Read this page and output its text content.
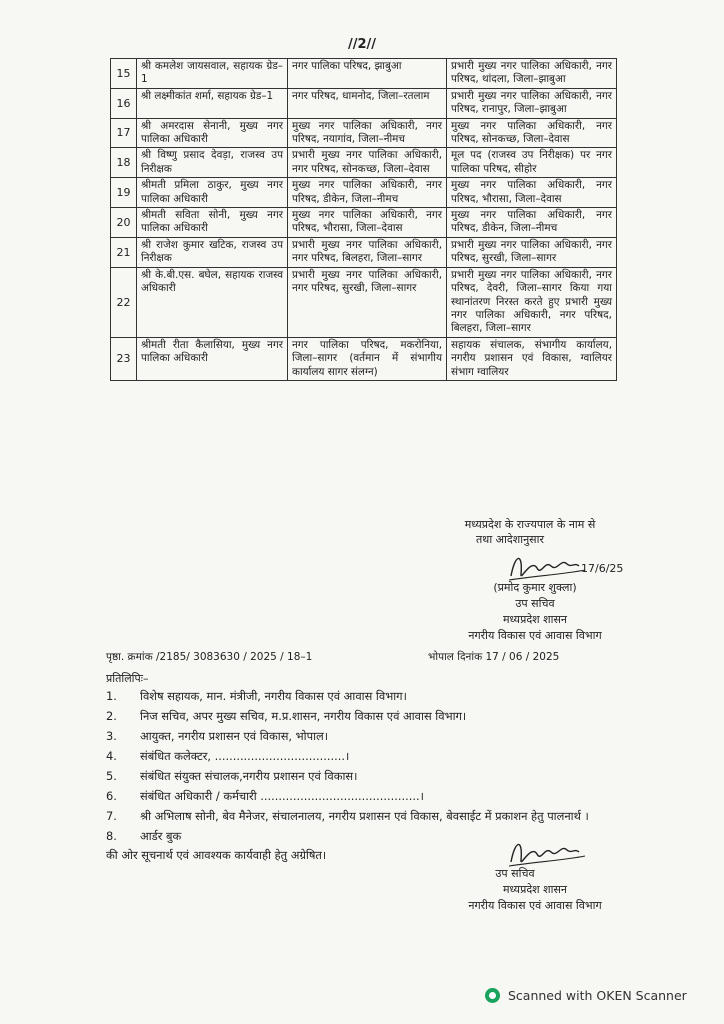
//2//
15	श्री कमलेश जायसवाल, सहायक ग्रेड–1	नगर पालिका परिषद, झाबुआ	प्रभारी मुख्य नगर पालिका अधिकारी, नगर परिषद, थांदला, जिला–झाबुआ
16	श्री लक्ष्मीकांत शर्मा, सहायक ग्रेड–1	नगर परिषद, धामनोद, जिला–रतलाम	प्रभारी मुख्य नगर पालिका अधिकारी, नगर परिषद, रानापुर, जिला–झाबुआ
17	श्री अमरदास सेनानी, मुख्य नगर पालिका अधिकारी	मुख्य नगर पालिका अधिकारी, नगर परिषद, नयागांव, जिला–नीमच	मुख्य नगर पालिका अधिकारी, नगर परिषद, सोनकच्छ, जिला–देवास
18	श्री विष्णु प्रसाद देवड़ा, राजस्व उप निरीक्षक	प्रभारी मुख्य नगर पालिका अधिकारी, नगर परिषद, सोनकच्छ, जिला–देवास	मूल पद (राजस्व उप निरीक्षक) पर नगर पालिका परिषद, सीहोर
19	श्रीमती प्रमिला ठाकुर, मुख्य नगर पालिका अधिकारी	मुख्य नगर पालिका अधिकारी, नगर परिषद, डीकेन, जिला–नीमच	मुख्य नगर पालिका अधिकारी, नगर परिषद, भौरासा, जिला–देवास
20	श्रीमती सविता सोनी, मुख्य नगर पालिका अधिकारी	मुख्य नगर पालिका अधिकारी, नगर परिषद, भौरासा, जिला–देवास	मुख्य नगर पालिका अधिकारी, नगर परिषद, डीकेन, जिला–नीमच
21	श्री राजेश कुमार खटिक, राजस्व उप निरीक्षक	प्रभारी मुख्य नगर पालिका अधिकारी, नगर परिषद, बिलहरा, जिला–सागर	प्रभारी मुख्य नगर पालिका अधिकारी, नगर परिषद, सुरखी, जिला–सागर
22	श्री के.बी.एस. बघेल, सहायक राजस्व अधिकारी	प्रभारी मुख्य नगर पालिका अधिकारी, नगर परिषद, सुरखी, जिला–सागर	प्रभारी मुख्य नगर पालिका अधिकारी, नगर परिषद, देवरी, जिला–सागर किया गया स्थानांतरण निरस्त करते हुए प्रभारी मुख्य नगर पालिका अधिकारी, नगर परिषद, बिलहरा, जिला–सागर
23	श्रीमती रीता कैलासिया, मुख्य नगर पालिका अधिकारी	नगर पालिका परिषद, मकरोनिया, जिला–सागर (वर्तमान में संभागीय कार्यालय सागर संलग्न)	सहायक संचालक, संभागीय कार्यालय, नगरीय प्रशासन एवं विकास, ग्वालियर संभाग ग्वालियर
मध्यप्रदेश के राज्यपाल के नाम से
तथा आदेशानुसार
17/6/25
(प्रमोद कुमार शुक्ला)
उप सचिव
मध्यप्रदेश शासन
नगरीय विकास एवं आवास विभाग
पृष्ठा. क्रमांक /2185/ 3083630 / 2025 / 18–1	भोपाल दिनांक 17 / 06 / 2025
प्रतिलिपिः–
1. विशेष सहायक, मान. मंत्रीजी, नगरीय विकास एवं आवास विभाग।
2. निज सचिव, अपर मुख्य सचिव, म.प्र.शासन, नगरीय विकास एवं आवास विभाग।
3. आयुक्त, नगरीय प्रशासन एवं विकास, भोपाल।
4. संबंधित कलेक्टर, ....................................।
5. संबंधित संयुक्त संचालक,नगरीय प्रशासन एवं विकास।
6. संबंधित अधिकारी / कर्मचारी ............................................।
7. श्री अभिलाष सोनी, बेव मैनेजर, संचालनालय, नगरीय प्रशासन एवं विकास, बेवसाईट में प्रकाशन हेतु पालनार्थ ।
8. आर्डर बुक
की ओर सूचनार्थ एवं आवश्यक कार्यवाही हेतु अग्रेषित।
उप सचिव
मध्यप्रदेश शासन
नगरीय विकास एवं आवास विभाग
Scanned with OKEN Scanner
